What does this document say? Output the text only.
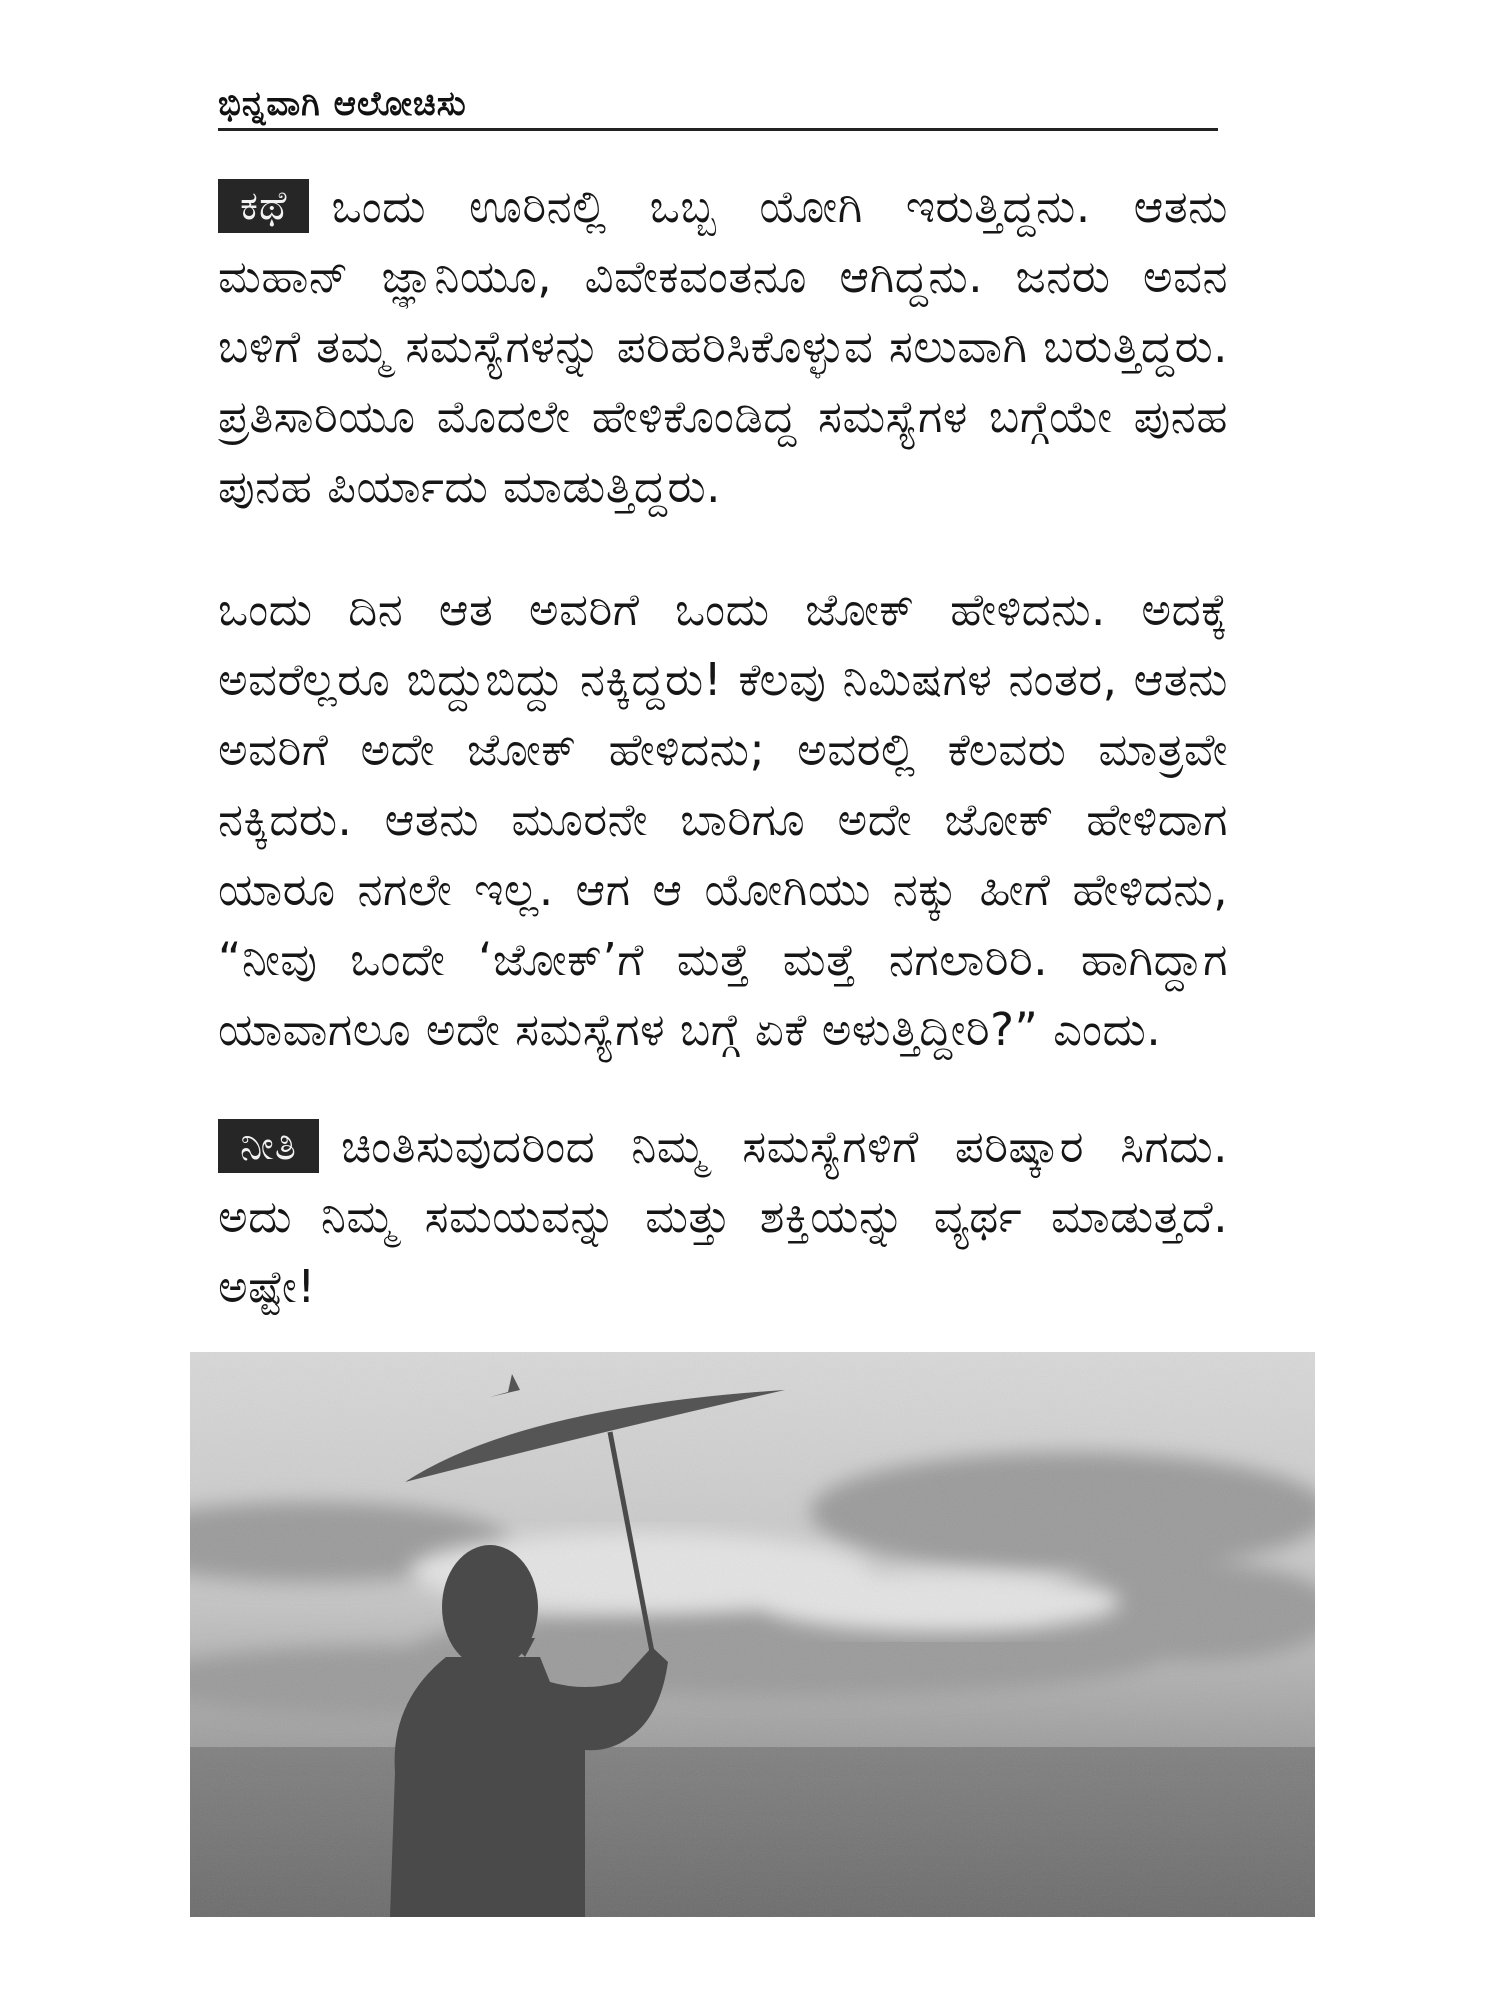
ಭಿನ್ನವಾಗಿ ಆಲೋಚಿಸು

ಕಥೆ ಒಂದು ಊರಿನಲ್ಲಿ ಒಬ್ಬ ಯೋಗಿ ಇರುತ್ತಿದ್ದನು. ಆತನು ಮಹಾನ್ ಜ್ಞಾನಿಯೂ, ವಿವೇಕವಂತನೂ ಆಗಿದ್ದನು. ಜನರು ಅವನ ಬಳಿಗೆ ತಮ್ಮ ಸಮಸ್ಯೆಗಳನ್ನು ಪರಿಹರಿಸಿಕೊಳ್ಳುವ ಸಲುವಾಗಿ ಬರುತ್ತಿದ್ದರು. ಪ್ರತಿಸಾರಿಯೂ ಮೊದಲೇ ಹೇಳಿಕೊಂಡಿದ್ದ ಸಮಸ್ಯೆಗಳ ಬಗ್ಗೆಯೇ ಪುನಹ ಪುನಹ ಪಿರ್ಯಾದು ಮಾಡುತ್ತಿದ್ದರು.

ಒಂದು ದಿನ ಆತ ಅವರಿಗೆ ಒಂದು ಜೋಕ್ ಹೇಳಿದನು. ಅದಕ್ಕೆ ಅವರೆಲ್ಲರೂ ಬಿದ್ದುಬಿದ್ದು ನಕ್ಕಿದ್ದರು! ಕೆಲವು ನಿಮಿಷಗಳ ನಂತರ, ಆತನು ಅವರಿಗೆ ಅದೇ ಜೋಕ್ ಹೇಳಿದನು; ಅವರಲ್ಲಿ ಕೆಲವರು ಮಾತ್ರವೇ ನಕ್ಕಿದರು. ಆತನು ಮೂರನೇ ಬಾರಿಗೂ ಅದೇ ಜೋಕ್ ಹೇಳಿದಾಗ ಯಾರೂ ನಗಲೇ ಇಲ್ಲ. ಆಗ ಆ ಯೋಗಿಯು ನಕ್ಕು ಹೀಗೆ ಹೇಳಿದನು, “ನೀವು ಒಂದೇ ‘ಜೋಕ್’ಗೆ ಮತ್ತೆ ಮತ್ತೆ ನಗಲಾರಿರಿ. ಹಾಗಿದ್ದಾಗ ಯಾವಾಗಲೂ ಅದೇ ಸಮಸ್ಯೆಗಳ ಬಗ್ಗೆ ಏಕೆ ಅಳುತ್ತಿದ್ದೀರಿ?” ಎಂದು.

ನೀತಿ ಚಿಂತಿಸುವುದರಿಂದ ನಿಮ್ಮ ಸಮಸ್ಯೆಗಳಿಗೆ ಪರಿಷ್ಕಾರ ಸಿಗದು. ಅದು ನಿಮ್ಮ ಸಮಯವನ್ನು ಮತ್ತು ಶಕ್ತಿಯನ್ನು ವ್ಯರ್ಥ ಮಾಡುತ್ತದೆ. ಅಷ್ಟೇ!
